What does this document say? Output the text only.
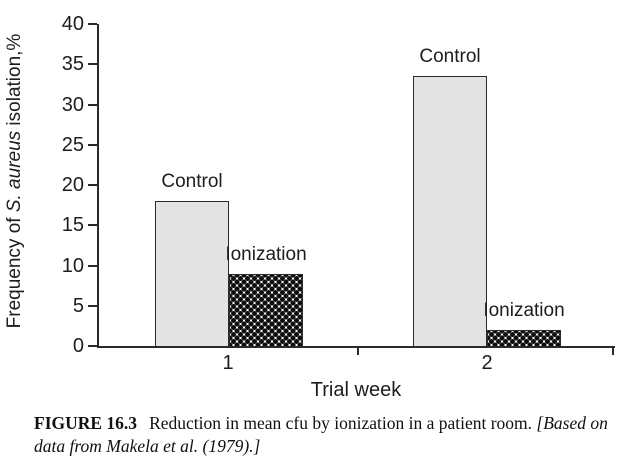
0
5
10
15
20
25
30
35
40
Control
Ionization
Control
Ionization
1	2
Trial week
Frequency of S. aureus isolation,%
FIGURE 16.3 Reduction in mean cfu by ionization in a patient room. [Based on data from Makela et al. (1979).]
